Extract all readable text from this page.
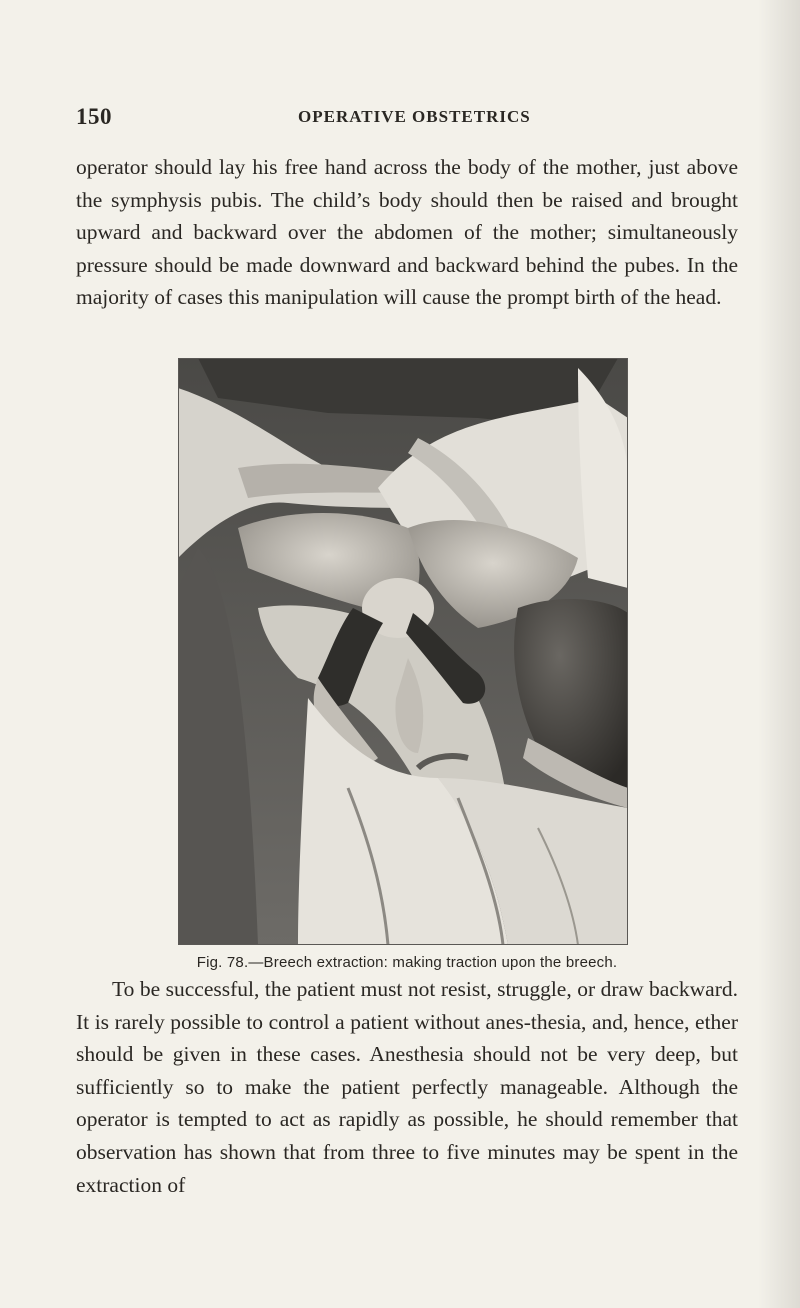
150	OPERATIVE OBSTETRICS

operator should lay his free hand across the body of the mother, just above the symphysis pubis. The child’s body should then be raised and brought upward and backward over the abdomen of the mother; simultaneously pressure should be made downward and backward behind the pubes. In the majority of cases this manipulation will cause the prompt birth of the head.

Fig. 78.—Breech extraction: making traction upon the breech.

To be successful, the patient must not resist, struggle, or draw backward. It is rarely possible to control a patient without anes-thesia, and, hence, ether should be given in these cases. Anesthesia should not be very deep, but sufficiently so to make the patient perfectly manageable. Although the operator is tempted to act as rapidly as possible, he should remember that observation has shown that from three to five minutes may be spent in the extraction of
